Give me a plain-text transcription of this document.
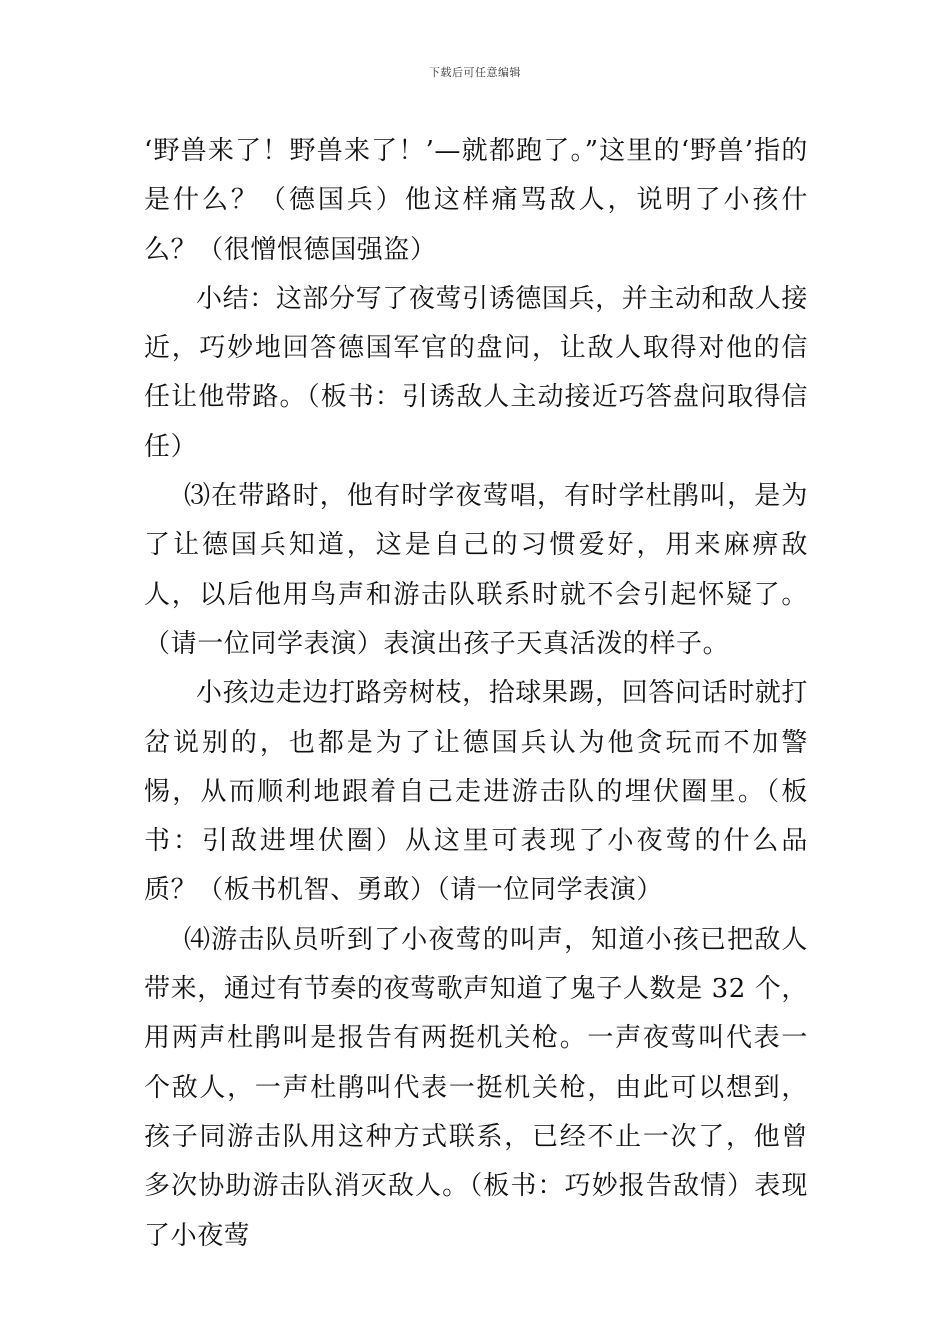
下载后可任意编辑

‘野兽来了！野兽来了！’—就都跑了。”这里的‘野兽’指的是什么？（德国兵）他这样痛骂敌人，说明了小孩什么？（很憎恨德国强盗）

小结：这部分写了夜莺引诱德国兵，并主动和敌人接近，巧妙地回答德国军官的盘问，让敌人取得对他的信任让他带路。（板书：引诱敌人主动接近巧答盘问取得信任）

⑶在带路时，他有时学夜莺唱，有时学杜鹃叫，是为了让德国兵知道，这是自己的习惯爱好，用来麻痹敌人，以后他用鸟声和游击队联系时就不会引起怀疑了。（请一位同学表演）表演出孩子天真活泼的样子。

小孩边走边打路旁树枝，拾球果踢，回答问话时就打岔说别的，也都是为了让德国兵认为他贪玩而不加警惕，从而顺利地跟着自己走进游击队的埋伏圈里。（板书：引敌进埋伏圈）从这里可表现了小夜莺的什么品质？（板书机智、勇敢）（请一位同学表演）

⑷游击队员听到了小夜莺的叫声，知道小孩已把敌人带来，通过有节奏的夜莺歌声知道了鬼子人数是 32 个，用两声杜鹃叫是报告有两挺机关枪。一声夜莺叫代表一个敌人，一声杜鹃叫代表一挺机关枪，由此可以想到，孩子同游击队用这种方式联系，已经不止一次了，他曾多次协助游击队消灭敌人。（板书：巧妙报告敌情）表现了小夜莺
